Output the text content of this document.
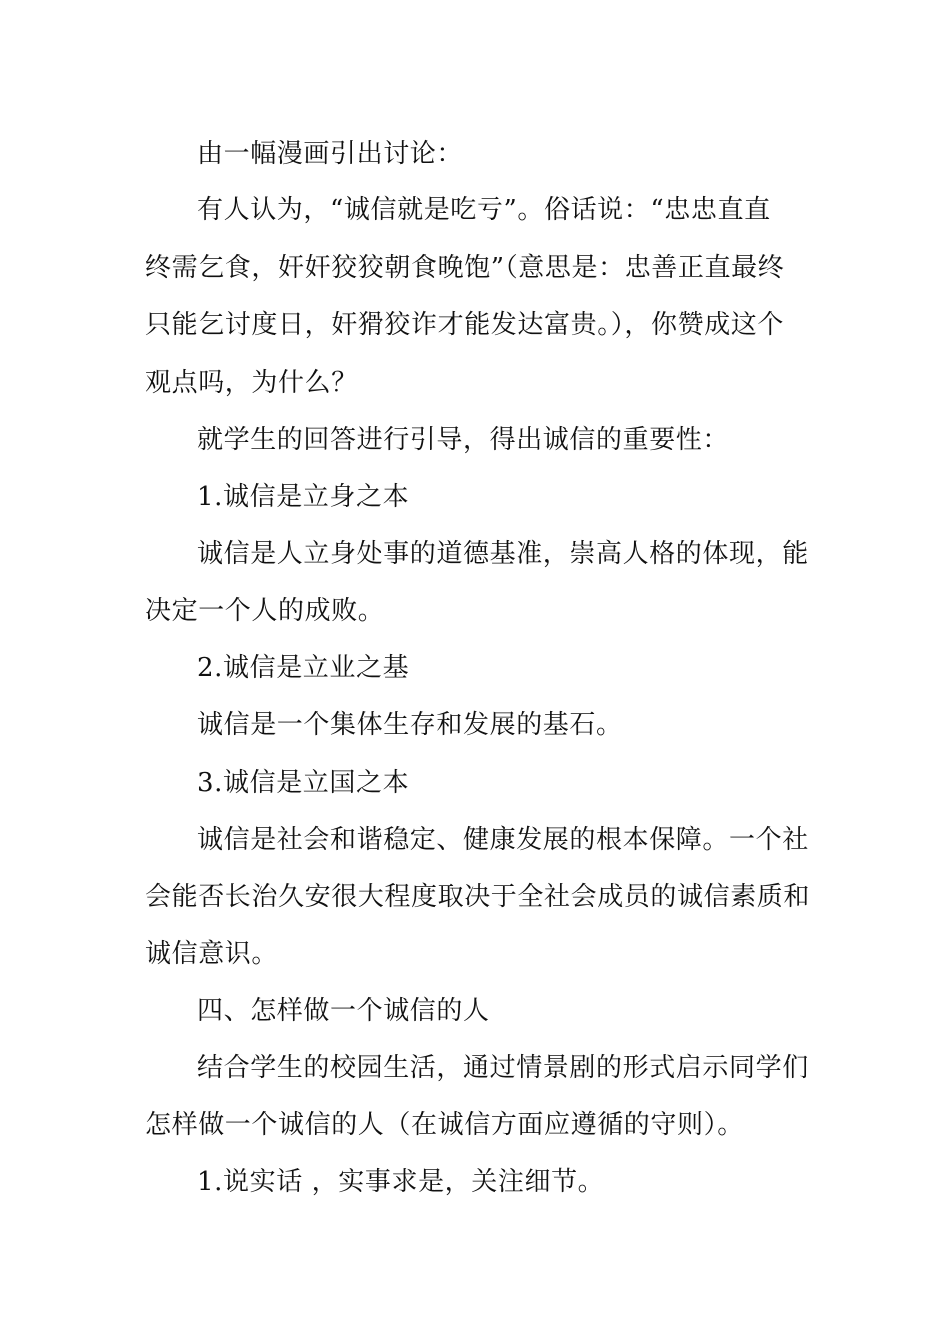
由一幅漫画引出讨论：

有人认为，“诚信就是吃亏”。俗话说：“忠忠直直

终需乞食，奸奸狡狡朝食晚饱”（意思是：忠善正直最终

只能乞讨度日，奸猾狡诈才能发达富贵。），你赞成这个

观点吗，为什么？

就学生的回答进行引导，得出诚信的重要性：

1.诚信是立身之本

诚信是人立身处事的道德基准，崇高人格的体现，能

决定一个人的成败。

2.诚信是立业之基

诚信是一个集体生存和发展的基石。

3.诚信是立国之本

诚信是社会和谐稳定、健康发展的根本保障。一个社

会能否长治久安很大程度取决于全社会成员的诚信素质和

诚信意识。

四、怎样做一个诚信的人

结合学生的校园生活，通过情景剧的形式启示同学们

怎样做一个诚信的人（在诚信方面应遵循的守则）。

1.说实话 ，实事求是，关注细节。
